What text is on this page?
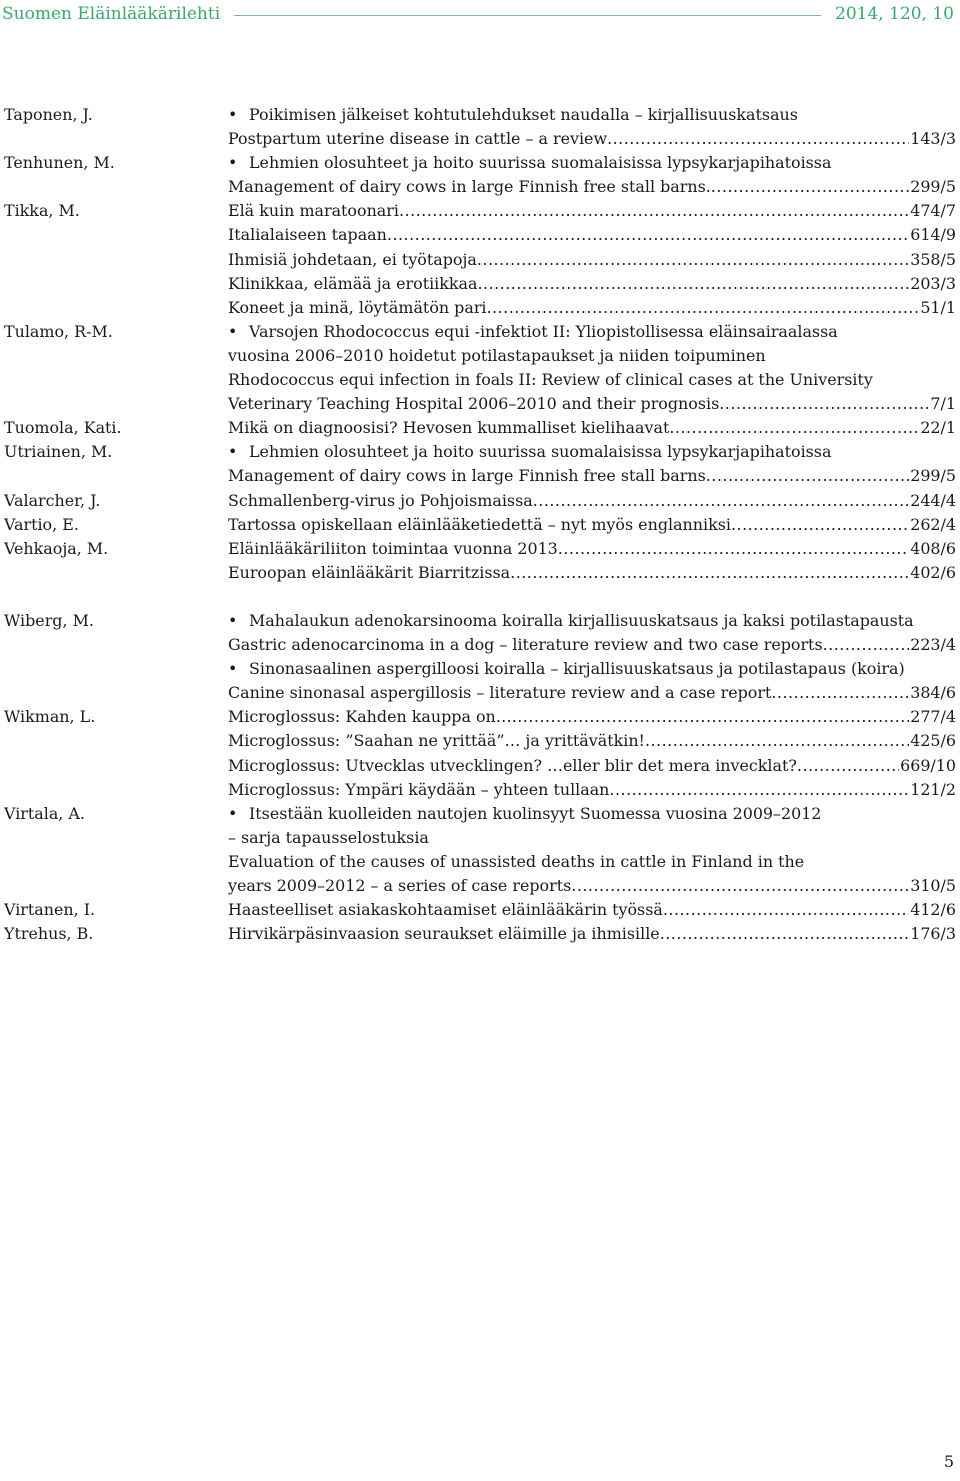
Suomen Eläinlääkärilehti	2014, 120, 10
Taponen, J.	• Poikimisen jälkeiset kohtutulehdukset naudalla – kirjallisuuskatsaus
Postpartum uterine disease in cattle – a review .....	143/3
Tenhunen, M.	• Lehmien olosuhteet ja hoito suurissa suomalaisissa lypsykarjapihatoissa
Management of dairy cows in large Finnish free stall barns. .....	299/5
Tikka, M.	Elä kuin maratoonari .....	474/7
Italialaiseen tapaan .....	614/9
Ihmisiä johdetaan, ei työtapoja .....	358/5
Klinikkaa, elämää ja erotiikkaa .....	203/3
Koneet ja minä, löytämätön pari .....	51/1
Tulamo, R-M.	• Varsojen Rhodococcus equi -infektiot II: Yliopistollisessa eläinsairaalassa
vuosina 2006–2010 hoidetut potilastapaukset ja niiden toipuminen
Rhodococcus equi infection in foals II: Review of clinical cases at the University
Veterinary Teaching Hospital 2006–2010 and their prognosis .....	7/1
Tuomola, Kati.	Mikä on diagnoosisi? Hevosen kummalliset kielihaavat .....	22/1
Utriainen, M.	• Lehmien olosuhteet ja hoito suurissa suomalaisissa lypsykarjapihatoissa
Management of dairy cows in large Finnish free stall barns .....	299/5
Valarcher, J.	Schmallenberg-virus jo Pohjoismaissa .....	244/4
Vartio, E.	Tartossa opiskellaan eläinlääketiedettä – nyt myös englanniksi .....	262/4
Vehkaoja, M.	Eläinlääkäriliiton toimintaa vuonna 2013 .....	408/6
Euroopan eläinlääkärit Biarritzissa .....	402/6
Wiberg, M.	• Mahalaukun adenokarsinooma koiralla kirjallisuuskatsaus ja kaksi potilastapausta
Gastric adenocarcinoma in a dog – literature review and two case reports .....	223/4
• Sinonasaalinen aspergilloosi koiralla – kirjallisuuskatsaus ja potilastapaus (koira)
Canine sinonasal aspergillosis – literature review and a case report .....	384/6
Wikman, L.	Microglossus: Kahden kauppa on… .....	277/4
Microglossus: ”Saahan ne yrittää”… ja yrittävätkin! .....	425/6
Microglossus: Utvecklas utvecklingen? …eller blir det mera invecklat? .....	669/10
Microglossus: Ympäri käydään – yhteen tullaan .....	121/2
Virtala, A.	• Itsestään kuolleiden nautojen kuolinsyyt Suomessa vuosina 2009–2012
– sarja tapausselostuksia
Evaluation of the causes of unassisted deaths in cattle in Finland in the
years 2009–2012 – a series of case reports .....	310/5
Virtanen, I.	Haasteelliset asiakaskohtaamiset eläinlääkärin työssä .....	412/6
Ytrehus, B.	Hirvikärpäsinvaasion seuraukset eläimille ja ihmisille .....	176/3
5
